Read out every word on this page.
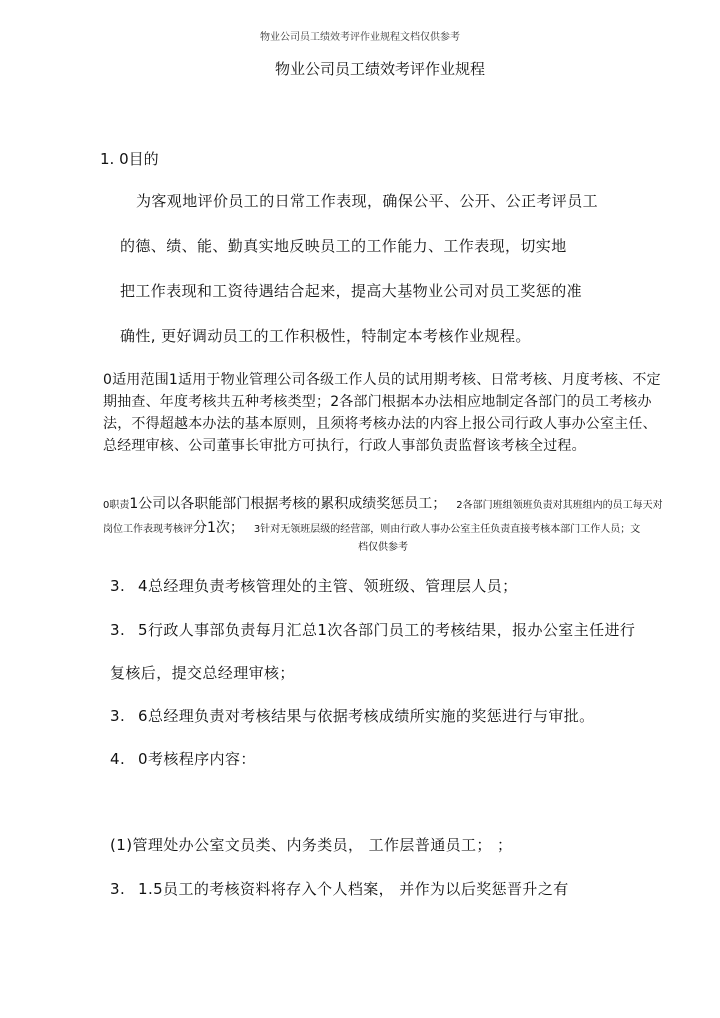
物业公司员工绩效考评作业规程文档仅供参考
物业公司员工绩效考评作业规程
1. 0目的
为客观地评价员工的日常工作表现，确保公平、公开、公正考评员工
的德、绩、能、勤真实地反映员工的工作能力、工作表现，切实地
把工作表现和工资待遇结合起来，提高大基物业公司对员工奖惩的准
确性, 更好调动员工的工作积极性，特制定本考核作业规程。
0适用范围1适用于物业管理公司各级工作人员的试用期考核、日常考核、月度考核、不定期抽查、年度考核共五种考核类型；2各部门根据本办法相应地制定各部门的员工考核办法，不得超越本办法的基本原则，且须将考核办法的内容上报公司行政人事办公室主任、总经理审核、公司董事长审批方可执行，行政人事部负责监督该考核全过程。
0职责1公司以各职能部门根据考核的累积成绩奖惩员工；  2各部门班组领班负责对其班组内的员工每天对岗位工作表现考核评分1次；  3针对无领班层级的经营部，则由行政人事办公室主任负责直接考核本部门工作人员；文
档仅供参考
3. 4总经理负责考核管理处的主管、领班级、管理层人员；
3. 5行政人事部负责每月汇总1次各部门员工的考核结果，报办公室主任进行
复核后，提交总经理审核；
3. 6总经理负责对考核结果与依据考核成绩所实施的奖惩进行与审批。
4. 0考核程序内容：
(1)管理处办公室文员类、内务类员， 工作层普通员工； ；
3. 1.5员工的考核资料将存入个人档案， 并作为以后奖惩晋升之有
